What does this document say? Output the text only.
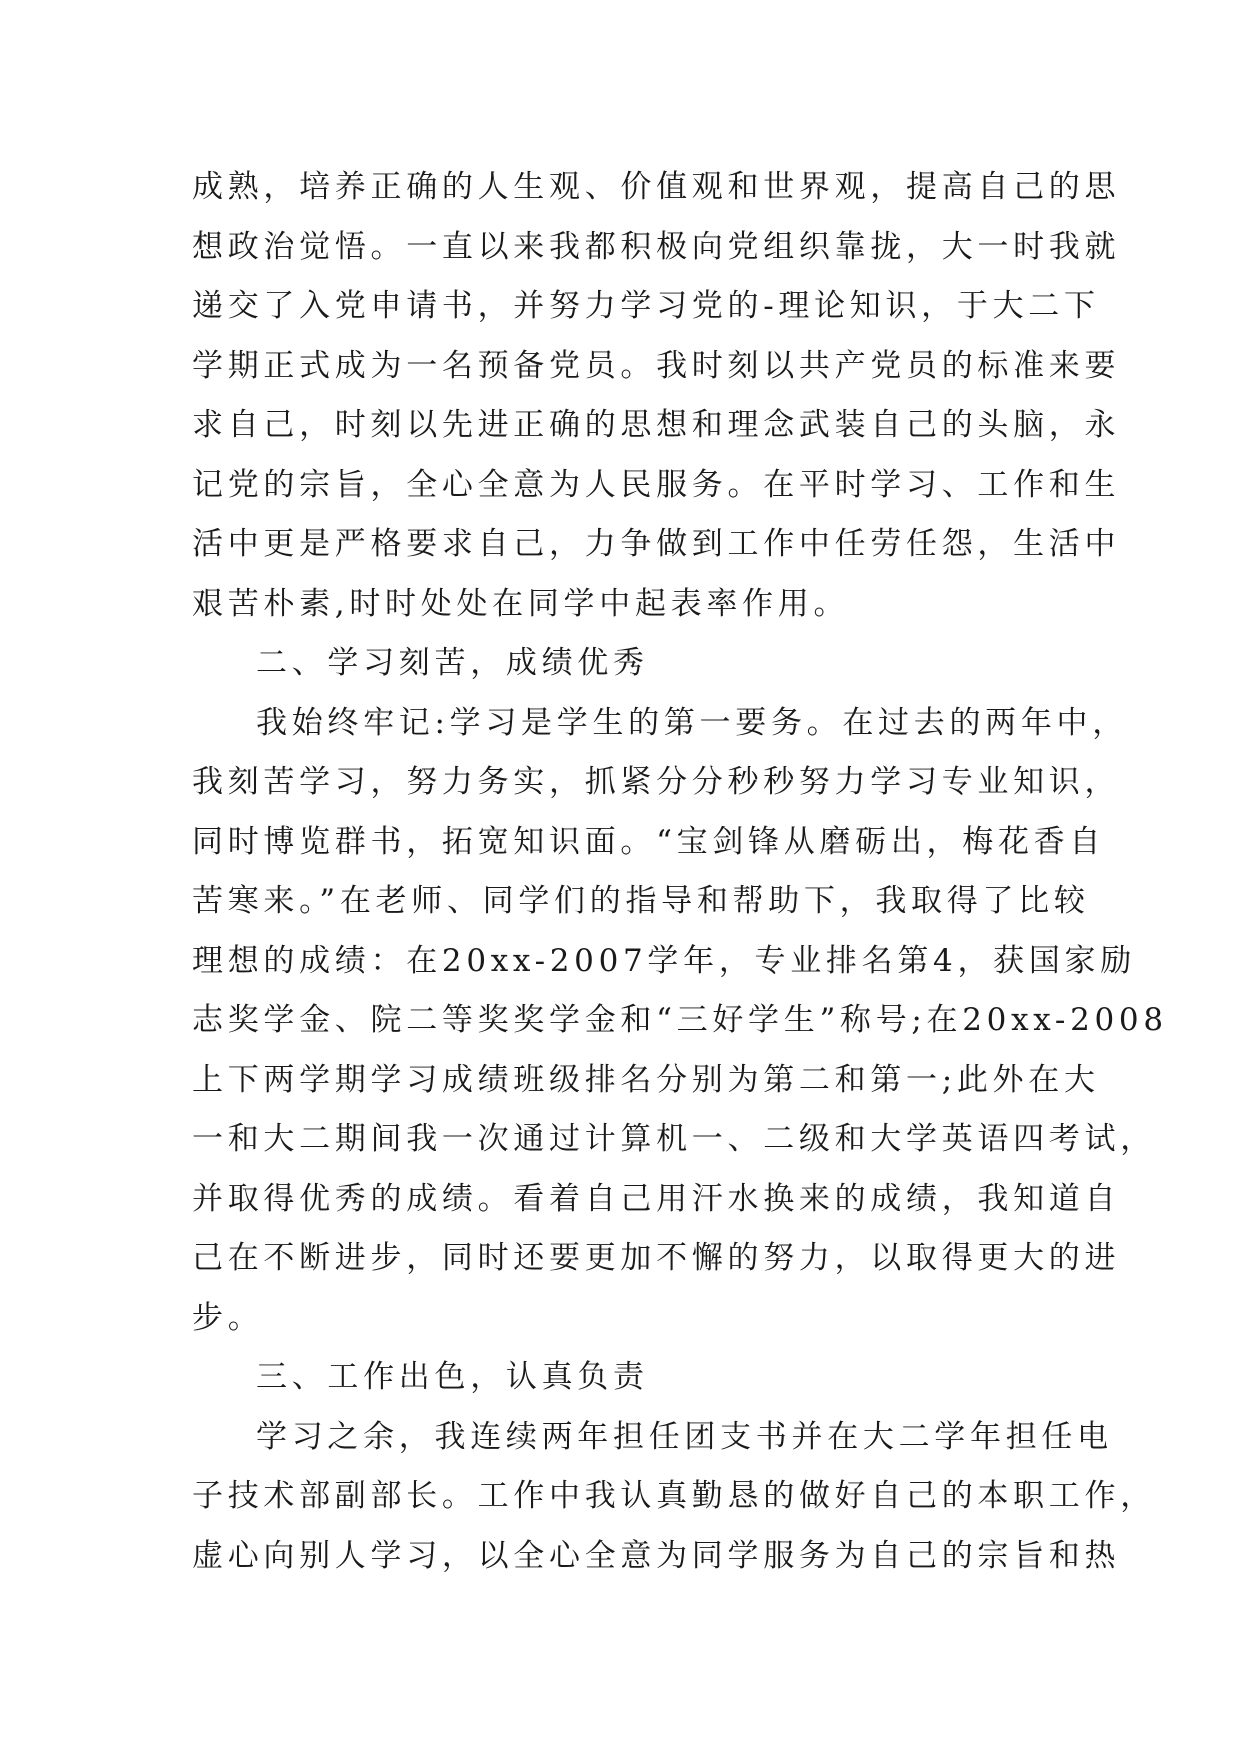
成熟，培养正确的人生观、价值观和世界观，提高自己的思
想政治觉悟。一直以来我都积极向党组织靠拢，大一时我就
递交了入党申请书，并努力学习党的-理论知识，于大二下
学期正式成为一名预备党员。我时刻以共产党员的标准来要
求自己，时刻以先进正确的思想和理念武装自己的头脑，永
记党的宗旨，全心全意为人民服务。在平时学习、工作和生
活中更是严格要求自己，力争做到工作中任劳任怨，生活中
艰苦朴素,时时处处在同学中起表率作用。
二、学习刻苦，成绩优秀
我始终牢记:学习是学生的第一要务。在过去的两年中，
我刻苦学习，努力务实，抓紧分分秒秒努力学习专业知识，
同时博览群书，拓宽知识面。“宝剑锋从磨砺出，梅花香自
苦寒来。”在老师、同学们的指导和帮助下，我取得了比较
理想的成绩：在20xx-2007学年，专业排名第4，获国家励
志奖学金、院二等奖奖学金和“三好学生”称号;在20xx-2008
上下两学期学习成绩班级排名分别为第二和第一;此外在大
一和大二期间我一次通过计算机一、二级和大学英语四考试，
并取得优秀的成绩。看着自己用汗水换来的成绩，我知道自
己在不断进步，同时还要更加不懈的努力，以取得更大的进
步。
三、工作出色，认真负责
学习之余，我连续两年担任团支书并在大二学年担任电
子技术部副部长。工作中我认真勤恳的做好自己的本职工作，
虚心向别人学习，以全心全意为同学服务为自己的宗旨和热
